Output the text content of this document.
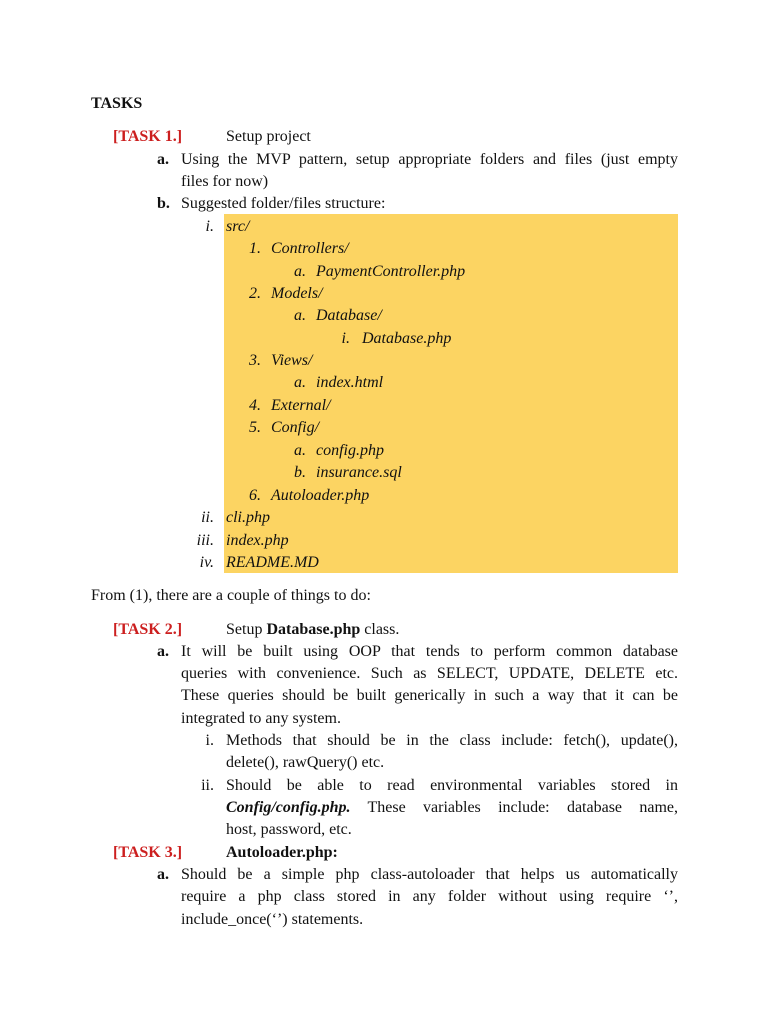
TASKS
[TASK 1.]	Setup project
a. Using the MVP pattern, setup appropriate folders and files (just empty
files for now)
b. Suggested folder/files structure:
i. src/
1. Controllers/
a. PaymentController.php
2. Models/
a. Database/
i. Database.php
3. Views/
a. index.html
4. External/
5. Config/
a. config.php
b. insurance.sql
6. Autoloader.php
ii. cli.php
iii. index.php
iv. README.MD
From (1), there are a couple of things to do:
[TASK 2.]	Setup Database.php class.
a. It will be built using OOP that tends to perform common database
queries with convenience. Such as SELECT, UPDATE, DELETE etc.
These queries should be built generically in such a way that it can be
integrated to any system.
i. Methods that should be in the class include: fetch(), update(),
delete(), rawQuery() etc.
ii. Should be able to read environmental variables stored in
Config/config.php. These variables include: database name,
host, password, etc.
[TASK 3.]	Autoloader.php:
a. Should be a simple php class-autoloader that helps us automatically
require a php class stored in any folder without using require ‘’,
include_once(‘’) statements.
